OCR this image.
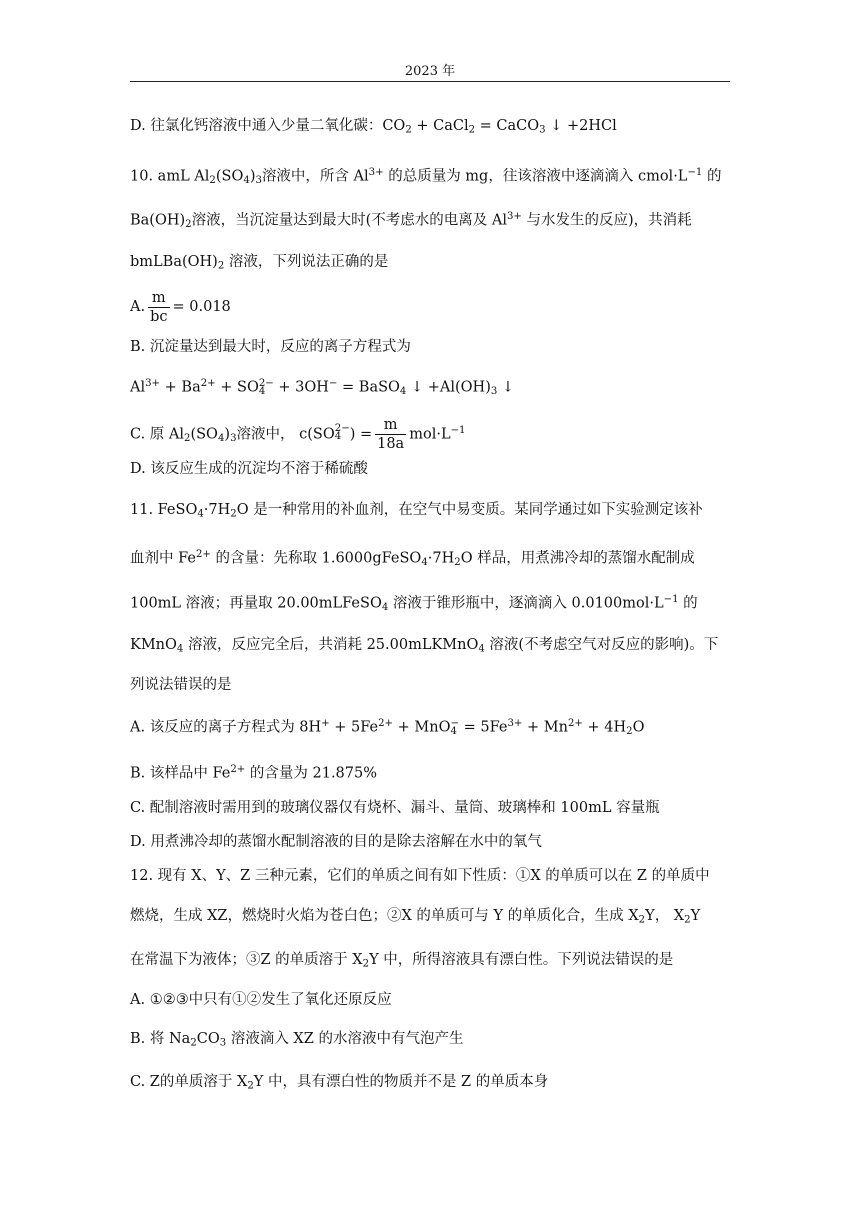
2023 年
D. 往氯化钙溶液中通入少量二氧化碳：$CO_2$ + CaCl$_2$ = CaCO$_3$ ↓ +2HCl
10. amL $Al_2(SO_4)_3$溶液中，所含 $Al^{3+}$ 的总质量为 mg，往该溶液中逐滴滴入 $cmol\cdot L^{-1}$ 的
$Ba(OH)_2$溶液，当沉淀量达到最大时(不考虑水的电离及 $Al^{3+}$ 与水发生的反应)，共消耗
$bmLBa(OH)_2$ 溶液，下列说法正确的是
A. $\frac{m}{bc} = 0.018$
B. 沉淀量达到最大时，反应的离子方程式为
$Al^{3+} + Ba^{2+}$ + SO 2−
4 + 3OH− = BaSO$_4$ ↓ $+Al(OH)_3$ ↓
C. 原 $Al_2(SO_4)_3$溶液中， c(SO 2−
4 ) = $\frac{m}{18a} mol\cdot L^{-1}$
D. 该反应生成的沉淀均不溶于稀硫酸
11. $FeSO_4\cdot 7H_2O$ 是一种常用的补血剂，在空气中易变质。某同学通过如下实验测定该补
血剂中 $Fe^{2+}$ 的含量：先称取 $1.6000gFeSO_4\cdot 7H_2O$ 样品，用煮沸冷却的蒸馏水配制成
100mL 溶液；再量取 20.00mLFeSO$_4$ 溶液于锥形瓶中，逐滴滴入 $0.0100mol\cdot L^{-1}$ 的
KMnO$_4$ 溶液，反应完全后，共消耗 25.00mLKMnO$_4$ 溶液(不考虑空气对反应的影响)。下
列说法错误的是
A. 该反应的离子方程式为 $8H^+ + 5Fe^{2+}$ + MnO −
$4 = 5Fe^{3+} + Mn^{2+} + 4H_2O$
B. 该样品中 $Fe^{2+}$ 的含量为 21.875%
C. 配制溶液时需用到的玻璃仪器仅有烧杯、漏斗、量筒、玻璃棒和 100mL 容量瓶
D. 用煮沸冷却的蒸馏水配制溶液的目的是除去溶解在水中的氧气
12. 现有 X、Y、Z 三种元素，它们的单质之间有如下性质：①X 的单质可以在 Z 的单质中
燃烧，生成 XZ，燃烧时火焰为苍白色；②X 的单质可与 Y 的单质化合，生成 $X_2Y$， $X_2Y$
在常温下为液体；③Z 的单质溶于 $X_2Y$ 中，所得溶液具有漂白性。下列说法错误的是
A. ①②③中只有①②发生了氧化还原反应
B. 将 $Na_2CO_3$ 溶液滴入 XZ 的水溶液中有气泡产生
C. Z的单质溶于 $X_2Y$ 中，具有漂白性的物质并不是 Z 的单质本身
